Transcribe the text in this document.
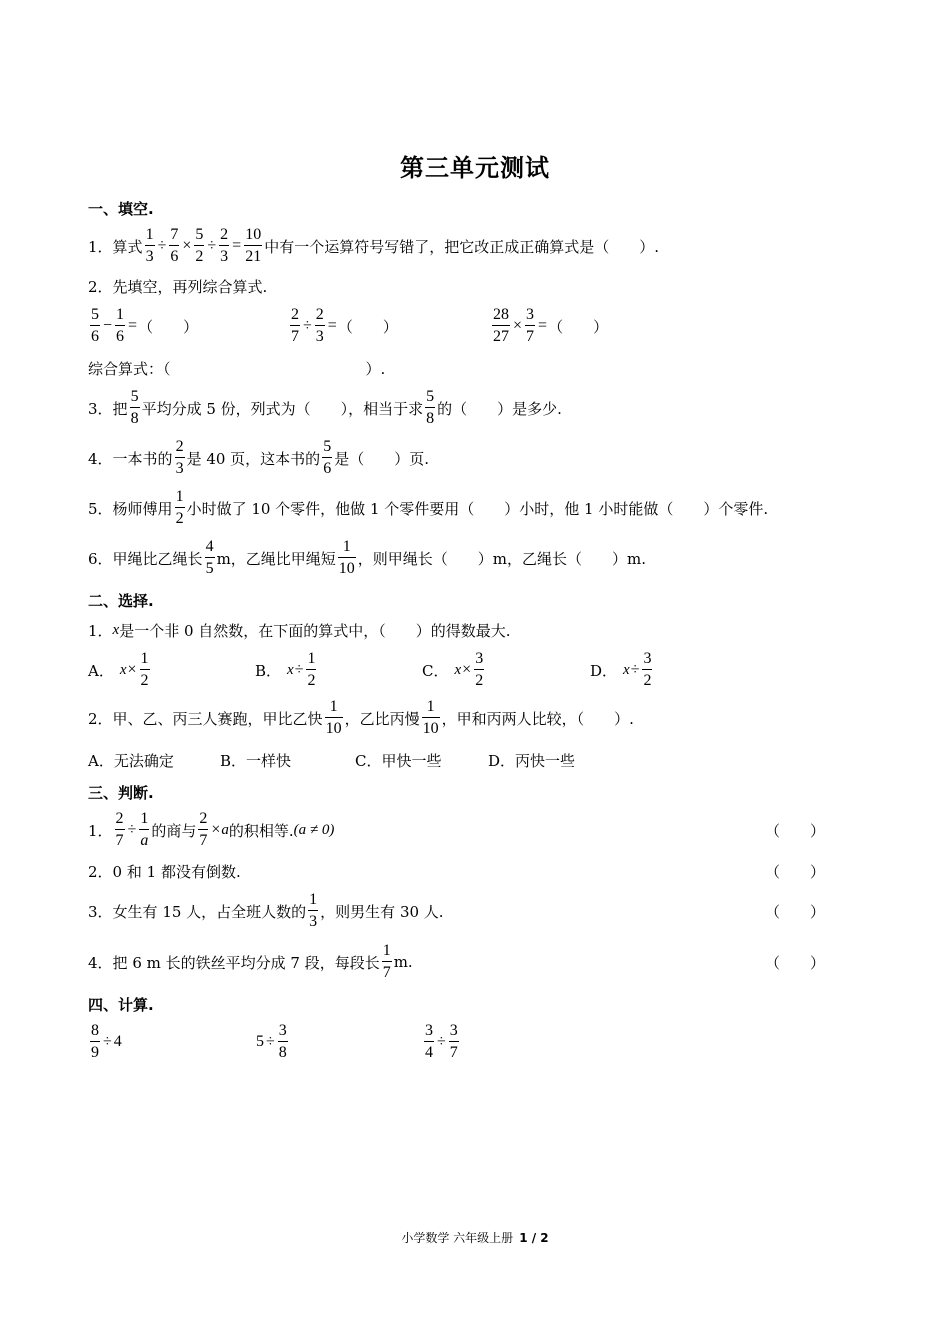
第三单元测试
一、填空.
1． 算式 $\frac{1}{3} \div \frac{7}{6} \times \frac{5}{2} \div \frac{2}{3} = \frac{10}{21}$ 中有一个运算符号写错了，把它改正成正确算式是（　　）.
2． 先填空，再列综合算式.
$\frac{5}{6} - \frac{1}{6}$ = （　　）	$\frac{2}{7} \div \frac{2}{3}$ = （　　）	$\frac{28}{27} \times \frac{3}{7}$ = （　　）
综合算式：（　　　　　　　　　　　　　）.
3． 把 $\frac{5}{8}$ 平均分成 5 份，列式为（　　），相当于求 $\frac{5}{8}$ 的（　　）是多少.
4． 一本书的 $\frac{2}{3}$ 是 40 页，这本书的 $\frac{5}{6}$ 是（　　）页.
5． 杨师傅用 $\frac{1}{2}$ 小时做了 10 个零件，他做 1 个零件要用（　　）小时，他 1 小时能做（　　）个零件.
6． 甲绳比乙绳长 $\frac{4}{5}$ m，乙绳比甲绳短 $\frac{1}{10}$ ，则甲绳长（　　）m，乙绳长（　　）m.
二、选择.
1． x 是一个非 0 自然数，在下面的算式中，（　　）的得数最大.
A． $x \times \frac{1}{2}$	B． $x \div \frac{1}{2}$	C． $x \times \frac{3}{2}$	D． $x \div \frac{3}{2}$
2． 甲、乙、丙三人赛跑，甲比乙快 $\frac{1}{10}$ ，乙比丙慢 $\frac{1}{10}$ ，甲和丙两人比较，（　　）.
A．无法确定	B．一样快	C．甲快一些	D．丙快一些
三、判断.
1． $\frac{2}{7} \div \frac{1}{a}$ 的商与 $\frac{2}{7} \times a$ 的积相等. (a ≠ 0)	（　　）
2． 0 和 1 都没有倒数.	（　　）
3． 女生有 15 人，占全班人数的 $\frac{1}{3}$ ，则男生有 30 人.	（　　）
4． 把 6 m 长的铁丝平均分成 7 段，每段长 $\frac{1}{7} m$.	（　　）
四、计算.
$\frac{8}{9} \div 4$	$5 \div \frac{3}{8}$	$\frac{3}{4} \div \frac{3}{7}$
小学数学 六年级上册 1 / 2
